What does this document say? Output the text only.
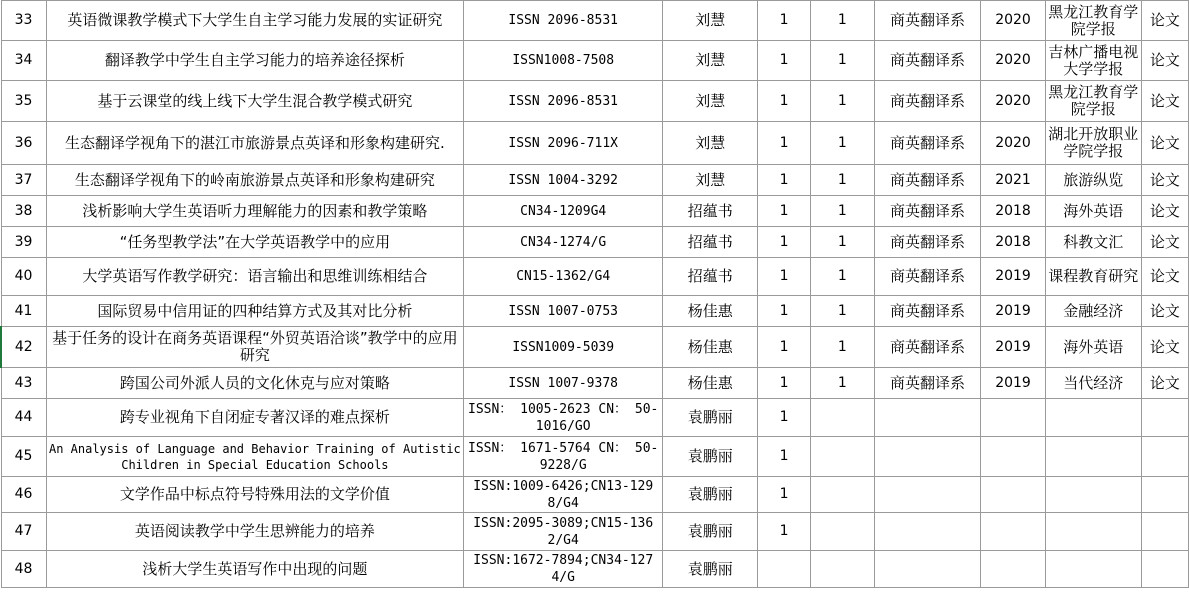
33	英语微课教学模式下大学生自主学习能力发展的实证研究	ISSN 2096-8531	刘慧	1	1	商英翻译系	2020	黑龙江教育学院学报	论文
34	翻译教学中学生自主学习能力的培养途径探析	ISSN1008-7508	刘慧	1	1	商英翻译系	2020	吉林广播电视大学学报	论文
35	基于云课堂的线上线下大学生混合教学模式研究	ISSN 2096-8531	刘慧	1	1	商英翻译系	2020	黑龙江教育学院学报	论文
36	生态翻译学视角下的湛江市旅游景点英译和形象构建研究.	ISSN 2096-711X	刘慧	1	1	商英翻译系	2020	湖北开放职业学院学报	论文
37	生态翻译学视角下的岭南旅游景点英译和形象构建研究	ISSN 1004-3292	刘慧	1	1	商英翻译系	2021	旅游纵览	论文
38	浅析影响大学生英语听力理解能力的因素和教学策略	CN34-1209G4	招蕴书	1	1	商英翻译系	2018	海外英语	论文
39	“任务型教学法”在大学英语教学中的应用	CN34-1274/G	招蕴书	1	1	商英翻译系	2018	科教文汇	论文
40	大学英语写作教学研究：语言输出和思维训练相结合	CN15-1362/G4	招蕴书	1	1	商英翻译系	2019	课程教育研究	论文
41	国际贸易中信用证的四种结算方式及其对比分析	ISSN 1007-0753	杨佳惠	1	1	商英翻译系	2019	金融经济	论文
42	基于任务的设计在商务英语课程“外贸英语洽谈”教学中的应用研究	ISSN1009-5039	杨佳惠	1	1	商英翻译系	2019	海外英语	论文
43	跨国公司外派人员的文化休克与应对策略	ISSN 1007-9378	杨佳惠	1	1	商英翻译系	2019	当代经济	论文
44	跨专业视角下自闭症专著汉译的难点探析	ISSN： 1005-2623 CN： 50-1016/GO	袁鹏丽	1					
45	An Analysis of Language and Behavior Training of Autistic Children in Special Education Schools	ISSN： 1671-5764 CN： 50-9228/G	袁鹏丽	1					
46	文学作品中标点符号特殊用法的文学价值	ISSN:1009-6426;CN13-1298/G4	袁鹏丽	1					
47	英语阅读教学中学生思辨能力的培养	ISSN:2095-3089;CN15-1362/G4	袁鹏丽	1					
48	浅析大学生英语写作中出现的问题	ISSN:1672-7894;CN34-1274/G	袁鹏丽						
